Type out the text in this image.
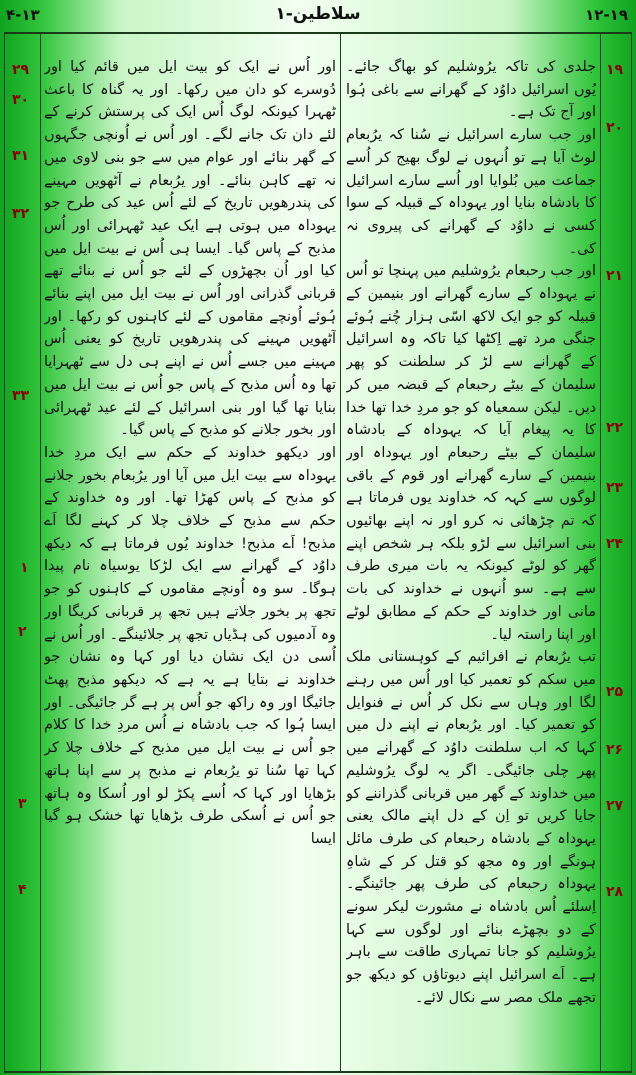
۴-۱۳	۱-سلاطین	۱۲-۱۹

جلدی کی تاکہ یرُوشلیم کو بھاگ جائے۔ یُوں اسرائیل داوُد کے گھرانے سے باغی ہُوا اور آج تک ہے۔

اور جب سارے اسرائیل نے سُنا کہ یرُبعام لوٹ آیا ہے تو اُنہوں نے لوگ بھیج کر اُسے جماعت میں بُلوایا اور اُسے سارے اسرائیل کا بادشاہ بنایا اور یہوداہ کے قبیلہ کے سوا کسی نے داوُد کے گھرانے کی پیروی نہ کی۔

اور جب رحبعام یرُوشلیم میں پہنچا تو اُس نے یہوداہ کے سارے گھرانے اور بنیمین کے قبیلہ کو جو ایک لاکھ اسّی ہزار چُنے ہُوئے جنگی مرد تھے اِکٹھا کیا تاکہ وہ اسرائیل کے گھرانے سے لڑ کر سلطنت کو پھر سلیمان کے بیٹے رحبعام کے قبضہ میں کر دیں۔ لیکن سمعیاہ کو جو مردِ خدا تھا خدا کا یہ پیغام آیا کہ یہوداہ کے بادشاہ سلیمان کے بیٹے رحبعام اور یہوداہ اور بنیمین کے سارے گھرانے اور قوم کے باقی لوگوں سے کہہ کہ خداوند یوں فرماتا ہے کہ تم چڑھائی نہ کرو اور نہ اپنے بھائیوں بنی اسرائیل سے لڑو بلکہ ہر شخص اپنے گھر کو لوٹے کیونکہ یہ بات میری طرف سے ہے۔ سو اُنہوں نے خداوند کی بات مانی اور خداوند کے حکم کے مطابق لوٹے اور اپنا راستہ لیا۔

تب یرُبعام نے افرائیم کے کوہستانی ملک میں سکم کو تعمیر کیا اور اُس میں رہنے لگا اور وہاں سے نکل کر اُس نے فنوایل کو تعمیر کیا۔ اور یرُبعام نے اپنے دل میں کہا کہ اب سلطنت داوُد کے گھرانے میں پھر چلی جائیگی۔ اگر یہ لوگ یرُوشلیم میں خداوند کے گھر میں قربانی گذراننے کو جایا کریں تو اِن کے دل اپنے مالک یعنی یہوداہ کے بادشاہ رحبعام کی طرف مائل ہونگے اور وہ مجھ کو قتل کر کے شاہِ یہوداہ رحبعام کی طرف پھر جائینگے۔ اِسلئے اُس بادشاہ نے مشورت لیکر سونے کے دو بچھڑے بنائے اور لوگوں سے کہا یرُوشلیم کو جانا تمہاری طاقت سے باہر ہے۔ اَے اسرائیل اپنے دیوتاؤں کو دیکھ جو تجھے ملک مصر سے نکال لائے۔

اور اُس نے ایک کو بیت ایل میں قائم کیا اور دُوسرے کو دان میں رکھا۔ اور یہ گناہ کا باعث ٹھہرا کیونکہ لوگ اُس ایک کی پرستش کرنے کے لئے دان تک جانے لگے۔ اور اُس نے اُونچی جگہوں کے گھر بنائے اور عوام میں سے جو بنی لاوی میں نہ تھے کاہن بنائے۔ اور یرُبعام نے آٹھویں مہینے کی پندرھویں تاریخ کے لئے اُس عید کی طرح جو یہوداہ میں ہوتی ہے ایک عید ٹھہرائی اور اُس مذبح کے پاس گیا۔ ایسا ہی اُس نے بیت ایل میں کیا اور اُن بچھڑوں کے لئے جو اُس نے بنائے تھے قربانی گذرانی اور اُس نے بیت ایل میں اپنے بنائے ہُوئے اُونچے مقاموں کے لئے کاہنوں کو رکھا۔ اور آٹھویں مہینے کی پندرھویں تاریخ کو یعنی اُس مہینے میں جسے اُس نے اپنے ہی دل سے ٹھہرایا تھا وہ اُس مذبح کے پاس جو اُس نے بیت ایل میں بنایا تھا گیا اور بنی اسرائیل کے لئے عید ٹھہرائی اور بخور جلانے کو مذبح کے پاس گیا۔

اور دیکھو خداوند کے حکم سے ایک مردِ خدا یہوداہ سے بیت ایل میں آیا اور یرُبعام بخور جلانے کو مذبح کے پاس کھڑا تھا۔ اور وہ خداوند کے حکم سے مذبح کے خلاف چلا کر کہنے لگا اَے مذبح! اَے مذبح! خداوند یُوں فرماتا ہے کہ دیکھ داوُد کے گھرانے سے ایک لڑکا یوسیاہ نام پیدا ہوگا۔ سو وہ اُونچے مقاموں کے کاہنوں کو جو تجھ پر بخور جلاتے ہیں تجھ پر قربانی کریگا اور وہ آدمیوں کی ہڈیاں تجھ پر جلائینگے۔ اور اُس نے اُسی دن ایک نشان دیا اور کہا وہ نشان جو خداوند نے بتایا ہے یہ ہے کہ دیکھو مذبح پھٹ جائیگا اور وہ راکھ جو اُس پر ہے گر جائیگی۔ اور ایسا ہُوا کہ جب بادشاہ نے اُس مردِ خدا کا کلام جو اُس نے بیت ایل میں مذبح کے خلاف چلا کر کہا تھا سُنا تو یرُبعام نے مذبح پر سے اپنا ہاتھ بڑھایا اور کہا کہ اُسے پکڑ لو اور اُسکا وہ ہاتھ جو اُس نے اُسکی طرف بڑھایا تھا خشک ہو گیا ایسا

۱۹
۲۰
۲۱
۲۲
۲۳
۲۴
۲۵
۲۶
۲۷
۲۸
۲۹
۳۰
۳۱
۳۲
۳۳
۱
۲
۳
۴
